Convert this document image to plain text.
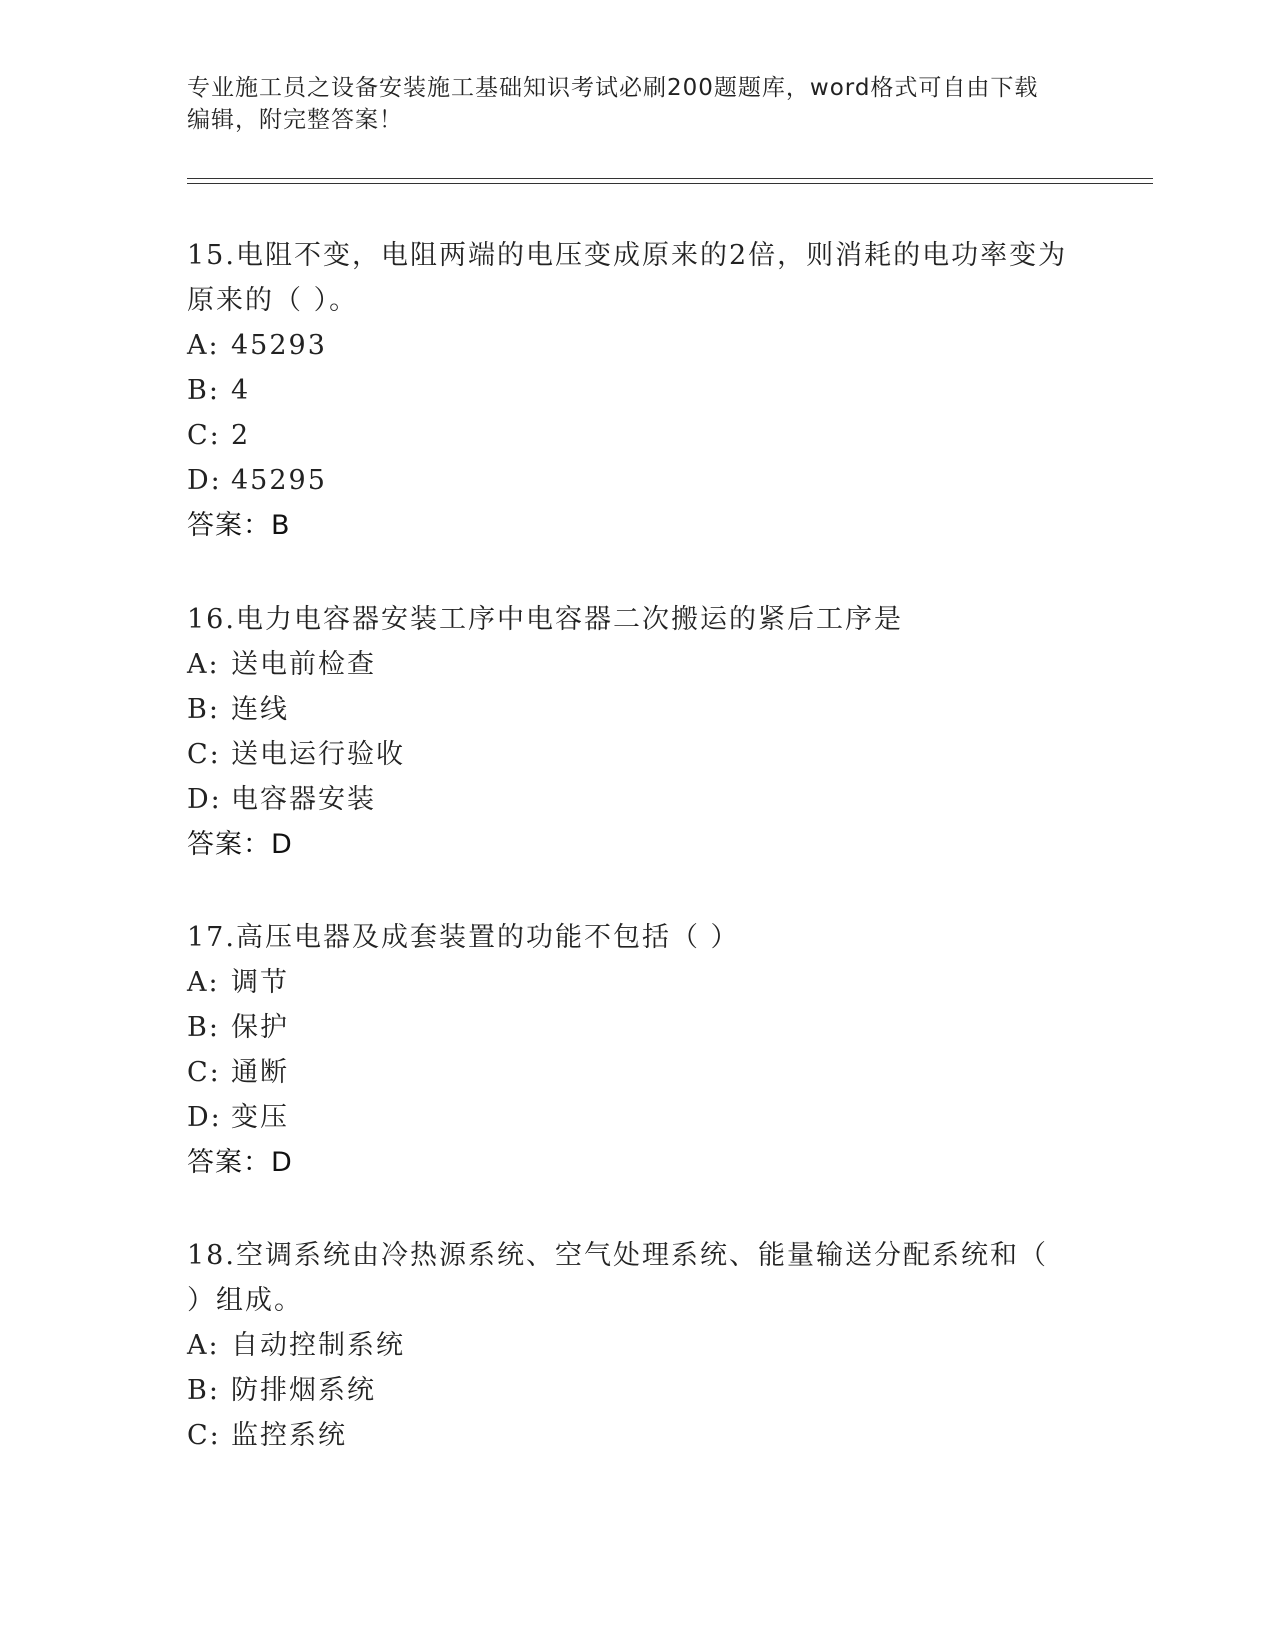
专业施工员之设备安装施工基础知识考试必刷200题题库，word格式可自由下载
编辑，附完整答案！

15.电阻不变，电阻两端的电压变成原来的2倍，则消耗的电功率变为
原来的（ ）。

A: 45293
B: 4
C: 2
D: 45295
答案：B

16.电力电容器安装工序中电容器二次搬运的紧后工序是

A: 送电前检查
B: 连线
C: 送电运行验收
D: 电容器安装
答案：D

17.高压电器及成套装置的功能不包括（ ）

A: 调节
B: 保护
C: 通断
D: 变压
答案：D

18.空调系统由冷热源系统、空气处理系统、能量输送分配系统和（
）组成。

A: 自动控制系统
B: 防排烟系统
C: 监控系统
